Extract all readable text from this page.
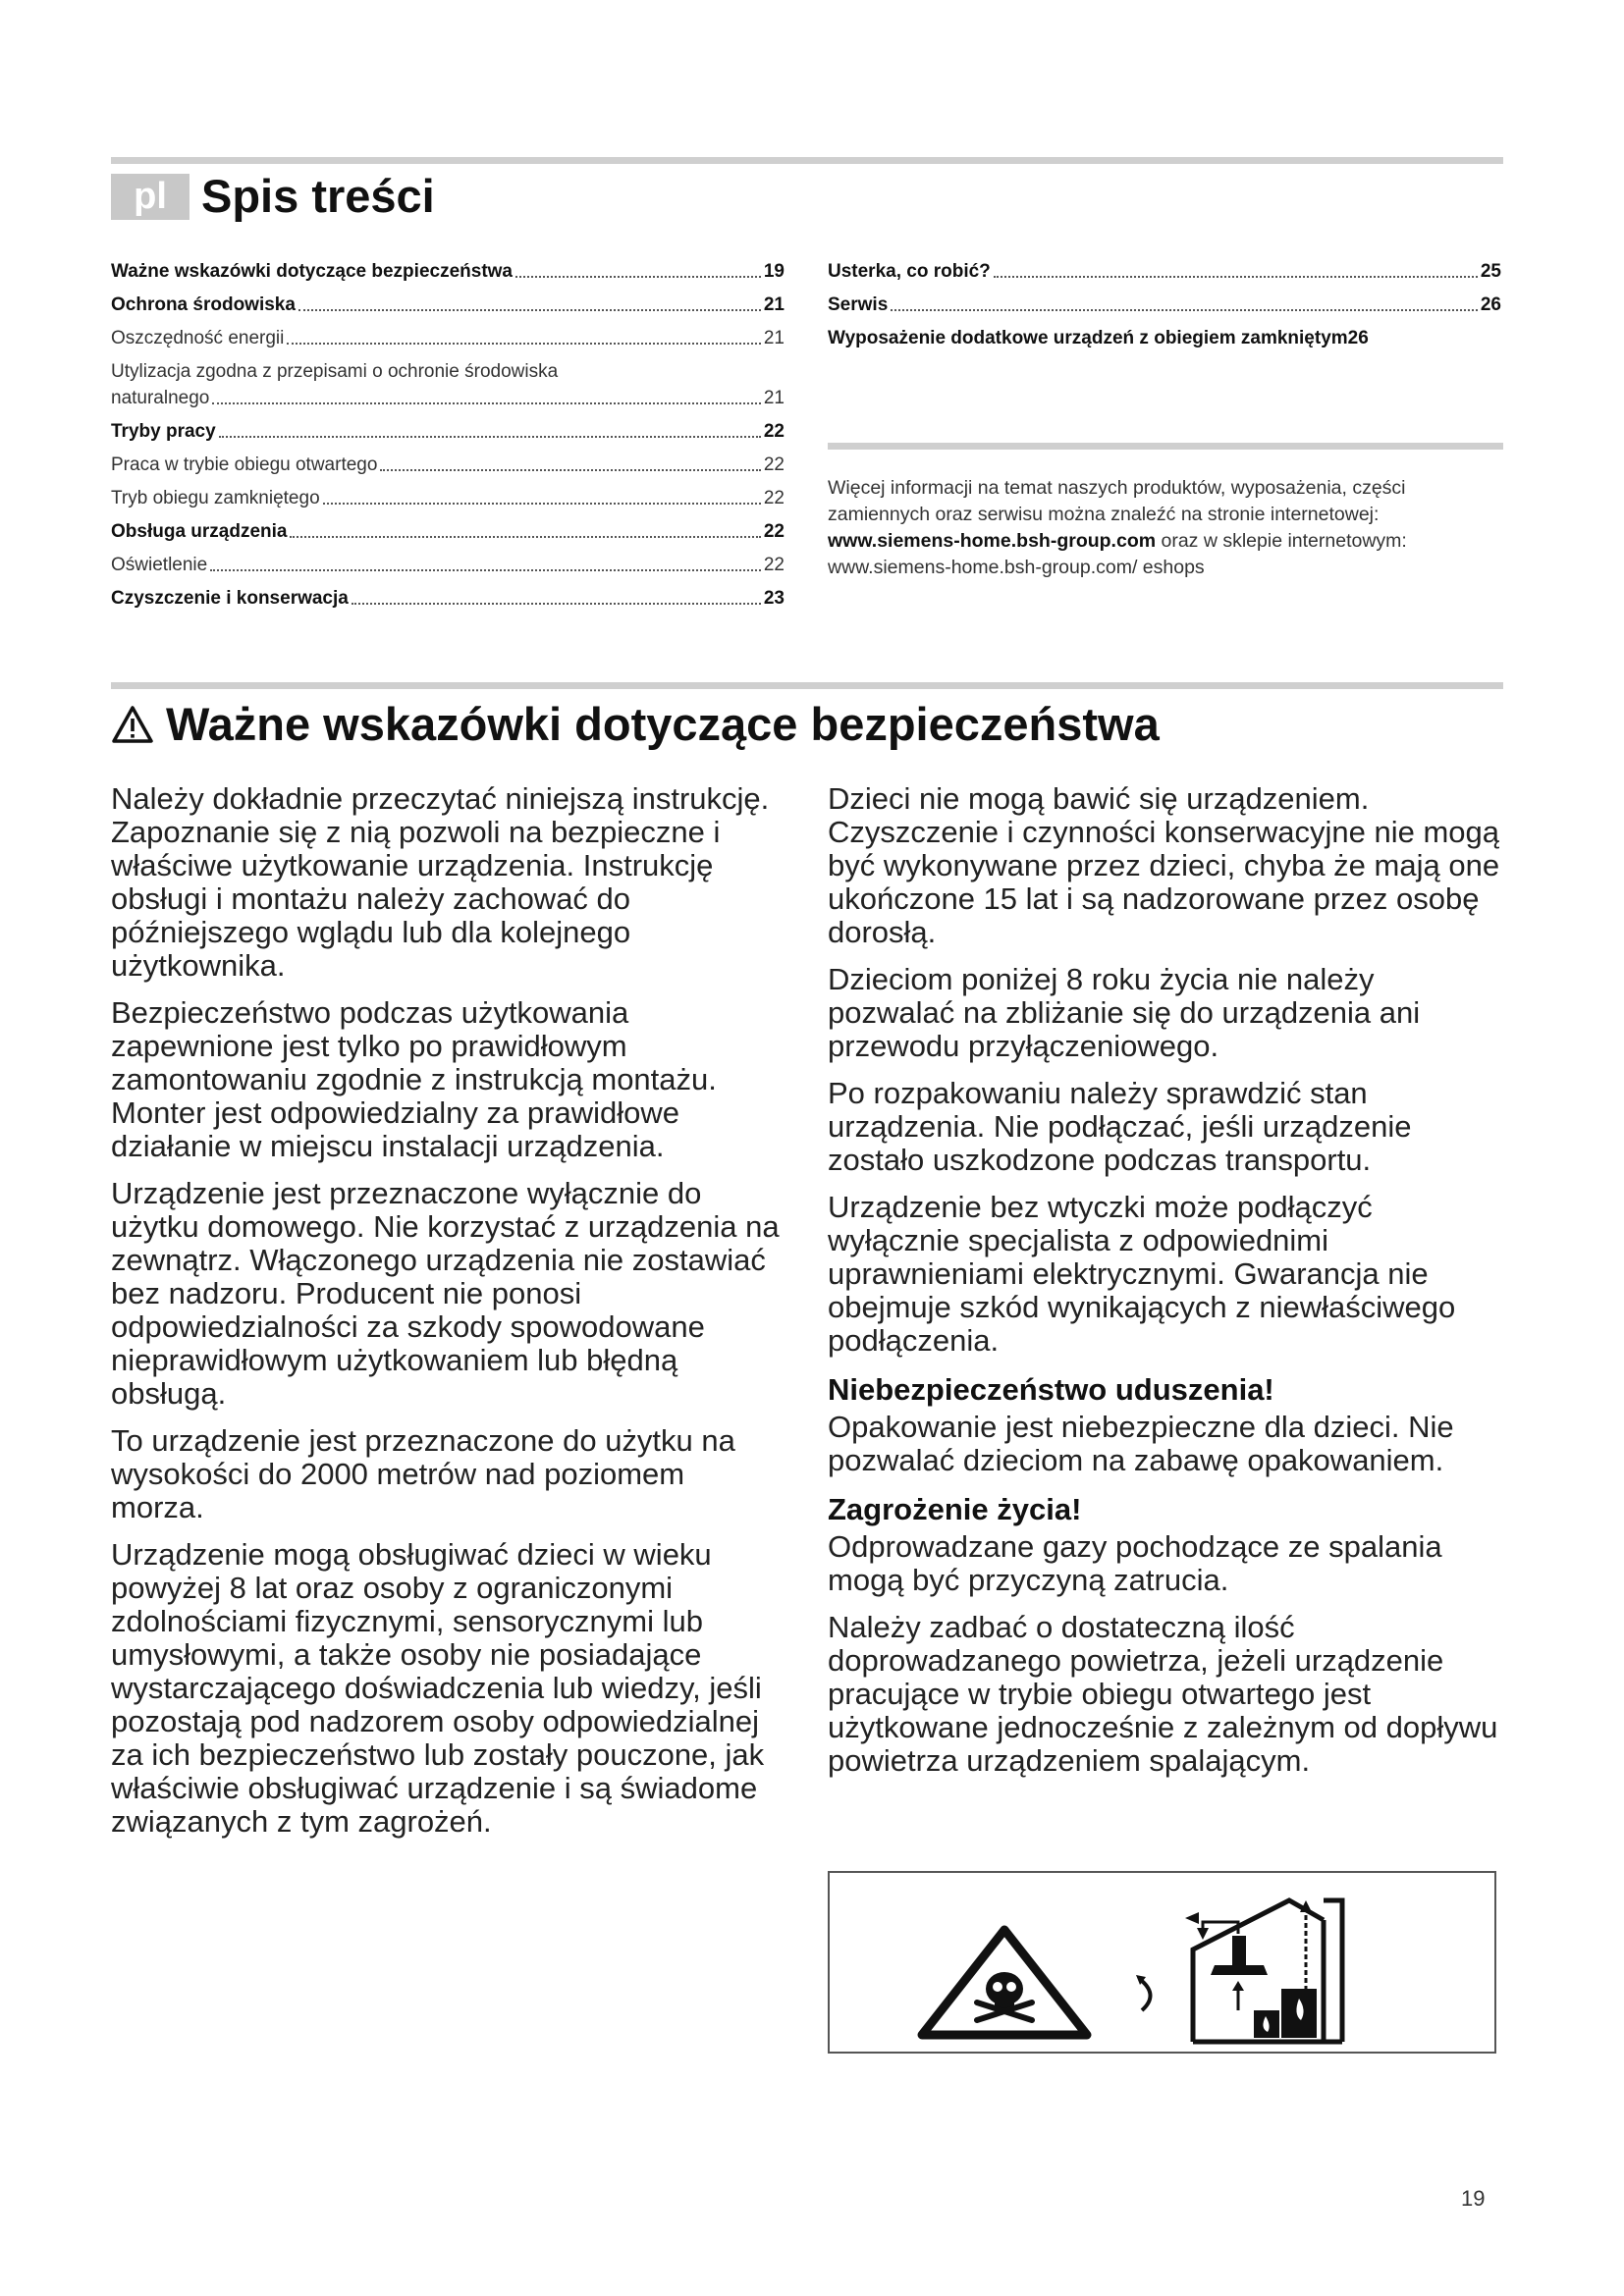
pl Spis treści
Ważne wskazówki dotyczące bezpieczeństwa	19
Ochrona środowiska	21
Oszczędność energii	21
Utylizacja zgodna z przepisami o ochronie środowiska
naturalnego	21
Tryby pracy	22
Praca w trybie obiegu otwartego	22
Tryb obiegu zamkniętego	22
Obsługa urządzenia	22
Oświetlenie	22
Czyszczenie i konserwacja	23
Usterka, co robić?	25
Serwis	26
Wyposażenie dodatkowe urządzeń z obiegiem zamkniętym 26

Więcej informacji na temat naszych produktów, wyposażenia, części zamiennych oraz serwisu można znaleźć na stronie internetowej: www.siemens-home.bsh-group.com oraz w sklepie internetowym: www.siemens-home.bsh-group.com/ eshops

Ważne wskazówki dotyczące bezpieczeństwa

Należy dokładnie przeczytać niniejszą instrukcję. Zapoznanie się z nią pozwoli na bezpieczne i właściwe użytkowanie urządzenia. Instrukcję obsługi i montażu należy zachować do późniejszego wglądu lub dla kolejnego użytkownika.

Bezpieczeństwo podczas użytkowania zapewnione jest tylko po prawidłowym zamontowaniu zgodnie z instrukcją montażu. Monter jest odpowiedzialny za prawidłowe działanie w miejscu instalacji urządzenia.

Urządzenie jest przeznaczone wyłącznie do użytku domowego. Nie korzystać z urządzenia na zewnątrz. Włączonego urządzenia nie zostawiać bez nadzoru. Producent nie ponosi odpowiedzialności za szkody spowodowane nieprawidłowym użytkowaniem lub błędną obsługą.

To urządzenie jest przeznaczone do użytku na wysokości do 2000 metrów nad poziomem morza.

Urządzenie mogą obsługiwać dzieci w wieku powyżej 8 lat oraz osoby z ograniczonymi zdolnościami fizycznymi, sensorycznymi lub umysłowymi, a także osoby nie posiadające wystarczającego doświadczenia lub wiedzy, jeśli pozostają pod nadzorem osoby odpowiedzialnej za ich bezpieczeństwo lub zostały pouczone, jak właściwie obsługiwać urządzenie i są świadome związanych z tym zagrożeń.

Dzieci nie mogą bawić się urządzeniem. Czyszczenie i czynności konserwacyjne nie mogą być wykonywane przez dzieci, chyba że mają one ukończone 15 lat i są nadzorowane przez osobę dorosłą.

Dzieciom poniżej 8 roku życia nie należy pozwalać na zbliżanie się do urządzenia ani przewodu przyłączeniowego.

Po rozpakowaniu należy sprawdzić stan urządzenia. Nie podłączać, jeśli urządzenie zostało uszkodzone podczas transportu.

Urządzenie bez wtyczki może podłączyć wyłącznie specjalista z odpowiednimi uprawnieniami elektrycznymi. Gwarancja nie obejmuje szkód wynikających z niewłaściwego podłączenia.

Niebezpieczeństwo uduszenia!

Opakowanie jest niebezpieczne dla dzieci. Nie pozwalać dzieciom na zabawę opakowaniem.

Zagrożenie życia!

Odprowadzane gazy pochodzące ze spalania mogą być przyczyną zatrucia.

Należy zadbać o dostateczną ilość doprowadzanego powietrza, jeżeli urządzenie pracujące w trybie obiegu otwartego jest użytkowane jednocześnie z zależnym od dopływu powietrza urządzeniem spalającym.

19
